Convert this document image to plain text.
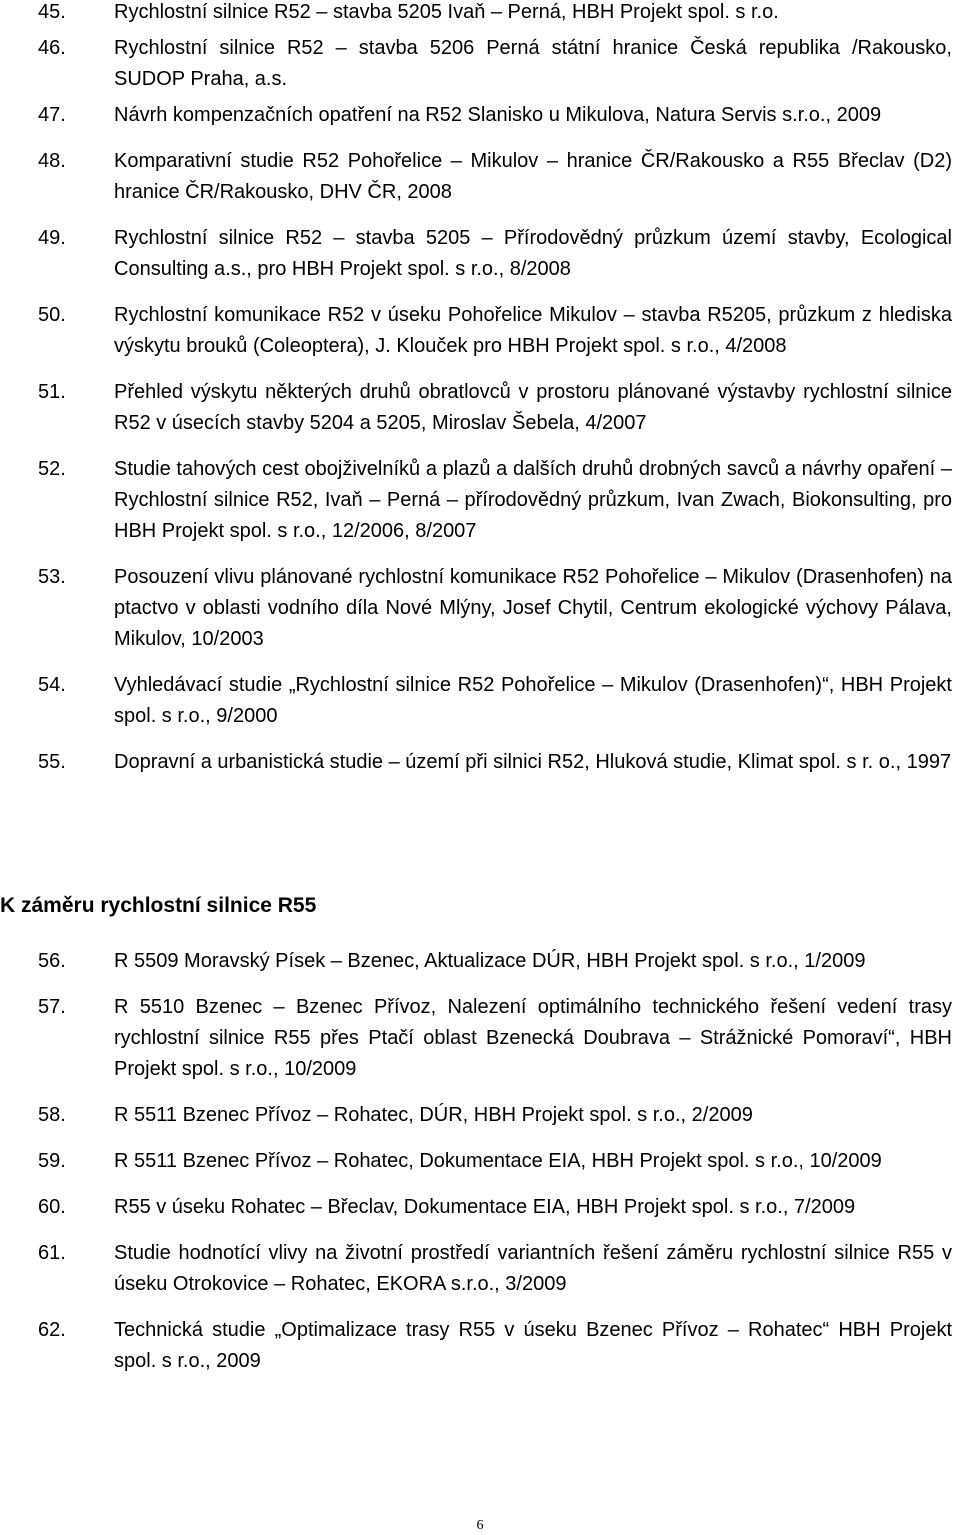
45.	Rychlostní silnice R52 – stavba 5205 Ivaň – Perná, HBH Projekt spol. s r.o.
46.	Rychlostní silnice R52 – stavba 5206 Perná státní hranice Česká republika /Rakousko, SUDOP Praha, a.s.
47.	Návrh kompenzačních opatření na R52 Slanisko u Mikulova, Natura Servis s.r.o., 2009
48.	Komparativní studie R52 Pohořelice – Mikulov – hranice ČR/Rakousko a R55 Břeclav (D2) hranice ČR/Rakousko, DHV ČR, 2008
49.	Rychlostní silnice R52 – stavba 5205 – Přírodovědný průzkum území stavby, Ecological Consulting a.s., pro HBH Projekt spol. s r.o., 8/2008
50.	Rychlostní komunikace R52 v úseku Pohořelice Mikulov – stavba R5205, průzkum z hlediska výskytu brouků (Coleoptera), J. Klouček pro HBH Projekt spol. s r.o., 4/2008
51.	Přehled výskytu některých druhů obratlovců v prostoru plánované výstavby rychlostní silnice R52 v úsecích stavby 5204 a 5205, Miroslav Šebela, 4/2007
52.	Studie tahových cest obojživelníků a plazů a dalších druhů drobných savců a návrhy opaření – Rychlostní silnice R52, Ivaň – Perná – přírodovědný průzkum, Ivan Zwach, Biokonsulting, pro HBH Projekt spol. s r.o., 12/2006, 8/2007
53.	Posouzení vlivu plánované rychlostní komunikace R52 Pohořelice – Mikulov (Drasenhofen) na ptactvo v oblasti vodního díla Nové Mlýny, Josef Chytil, Centrum ekologické výchovy Pálava, Mikulov, 10/2003
54.	Vyhledávací studie „Rychlostní silnice R52 Pohořelice – Mikulov (Drasenhofen)“, HBH Projekt spol. s r.o., 9/2000
55.	Dopravní a urbanistická studie – území při silnici R52, Hluková studie, Klimat spol. s r. o., 1997
K záměru rychlostní silnice R55
56.	R 5509 Moravský Písek – Bzenec, Aktualizace DÚR, HBH Projekt spol. s r.o., 1/2009
57.	R 5510 Bzenec – Bzenec Přívoz, Nalezení optimálního technického řešení vedení trasy rychlostní silnice R55 přes Ptačí oblast Bzenecká Doubrava – Strážnické Pomoraví“, HBH Projekt spol. s r.o., 10/2009
58.	R 5511 Bzenec Přívoz – Rohatec, DÚR, HBH Projekt spol. s r.o., 2/2009
59.	R 5511 Bzenec Přívoz – Rohatec, Dokumentace EIA, HBH Projekt spol. s r.o., 10/2009
60.	R55 v úseku Rohatec – Břeclav, Dokumentace EIA, HBH Projekt spol. s r.o., 7/2009
61.	Studie hodnotící vlivy na životní prostředí variantních řešení záměru rychlostní silnice R55 v úseku Otrokovice – Rohatec, EKORA s.r.o., 3/2009
62.	Technická studie „Optimalizace trasy R55 v úseku Bzenec Přívoz – Rohatec“ HBH Projekt spol. s r.o., 2009
6
